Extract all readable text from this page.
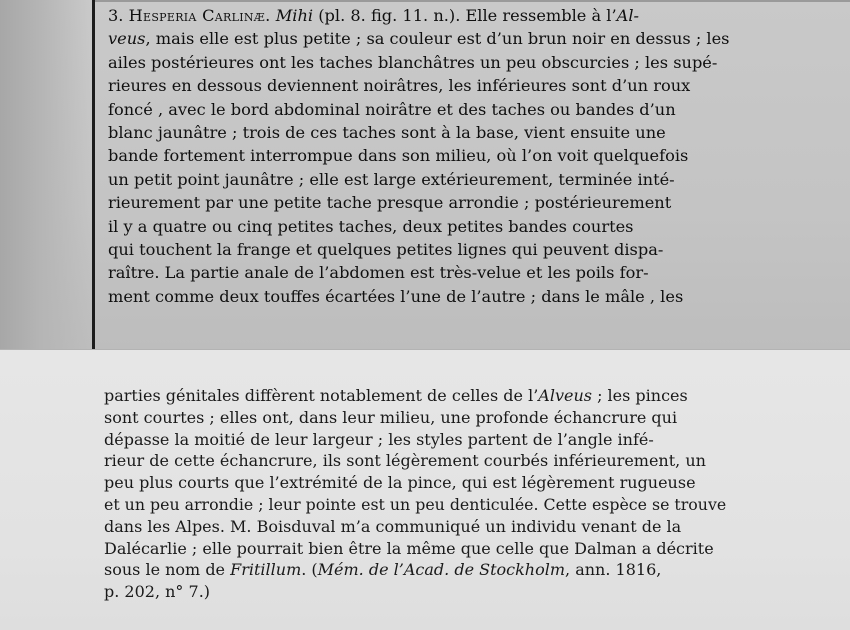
3. Hesperia Carlinæ. Mihi (pl. 8. fig. 11. n.). Elle ressemble à l’Al-
veus, mais elle est plus petite ; sa couleur est d’un brun noir en dessus ; les
ailes postérieures ont les taches blanchâtres un peu obscurcies ; les supé-
rieures en dessous deviennent noirâtres, les inférieures sont d’un roux
foncé , avec le bord abdominal noirâtre et des taches ou bandes d’un
blanc jaunâtre ; trois de ces taches sont à la base, vient ensuite une
bande fortement interrompue dans son milieu, où l’on voit quelquefois
un petit point jaunâtre ; elle est large extérieurement, terminée inté-
rieurement par une petite tache presque arrondie ; postérieurement
il y a quatre ou cinq petites taches, deux petites bandes courtes
qui touchent la frange et quelques petites lignes qui peuvent dispa-
raître. La partie anale de l’abdomen est très-velue et les poils for-
ment comme deux touffes écartées l’une de l’autre ; dans le mâle , les
parties génitales diffèrent notablement de celles de l’Alveus ; les pinces
sont courtes ; elles ont, dans leur milieu, une profonde échancrure qui
dépasse la moitié de leur largeur ; les styles partent de l’angle infé-
rieur de cette échancrure, ils sont légèrement courbés inférieurement, un
peu plus courts que l’extrémité de la pince, qui est légèrement rugueuse
et un peu arrondie ; leur pointe est un peu denticulée. Cette espèce se trouve
dans les Alpes. M. Boisduval m’a communiqué un individu venant de la
Dalécarlie ; elle pourrait bien être la même que celle que Dalman a décrite
sous le nom de Fritillum. (Mém. de l’Acad. de Stockholm, ann. 1816,
p. 202, n° 7.)
